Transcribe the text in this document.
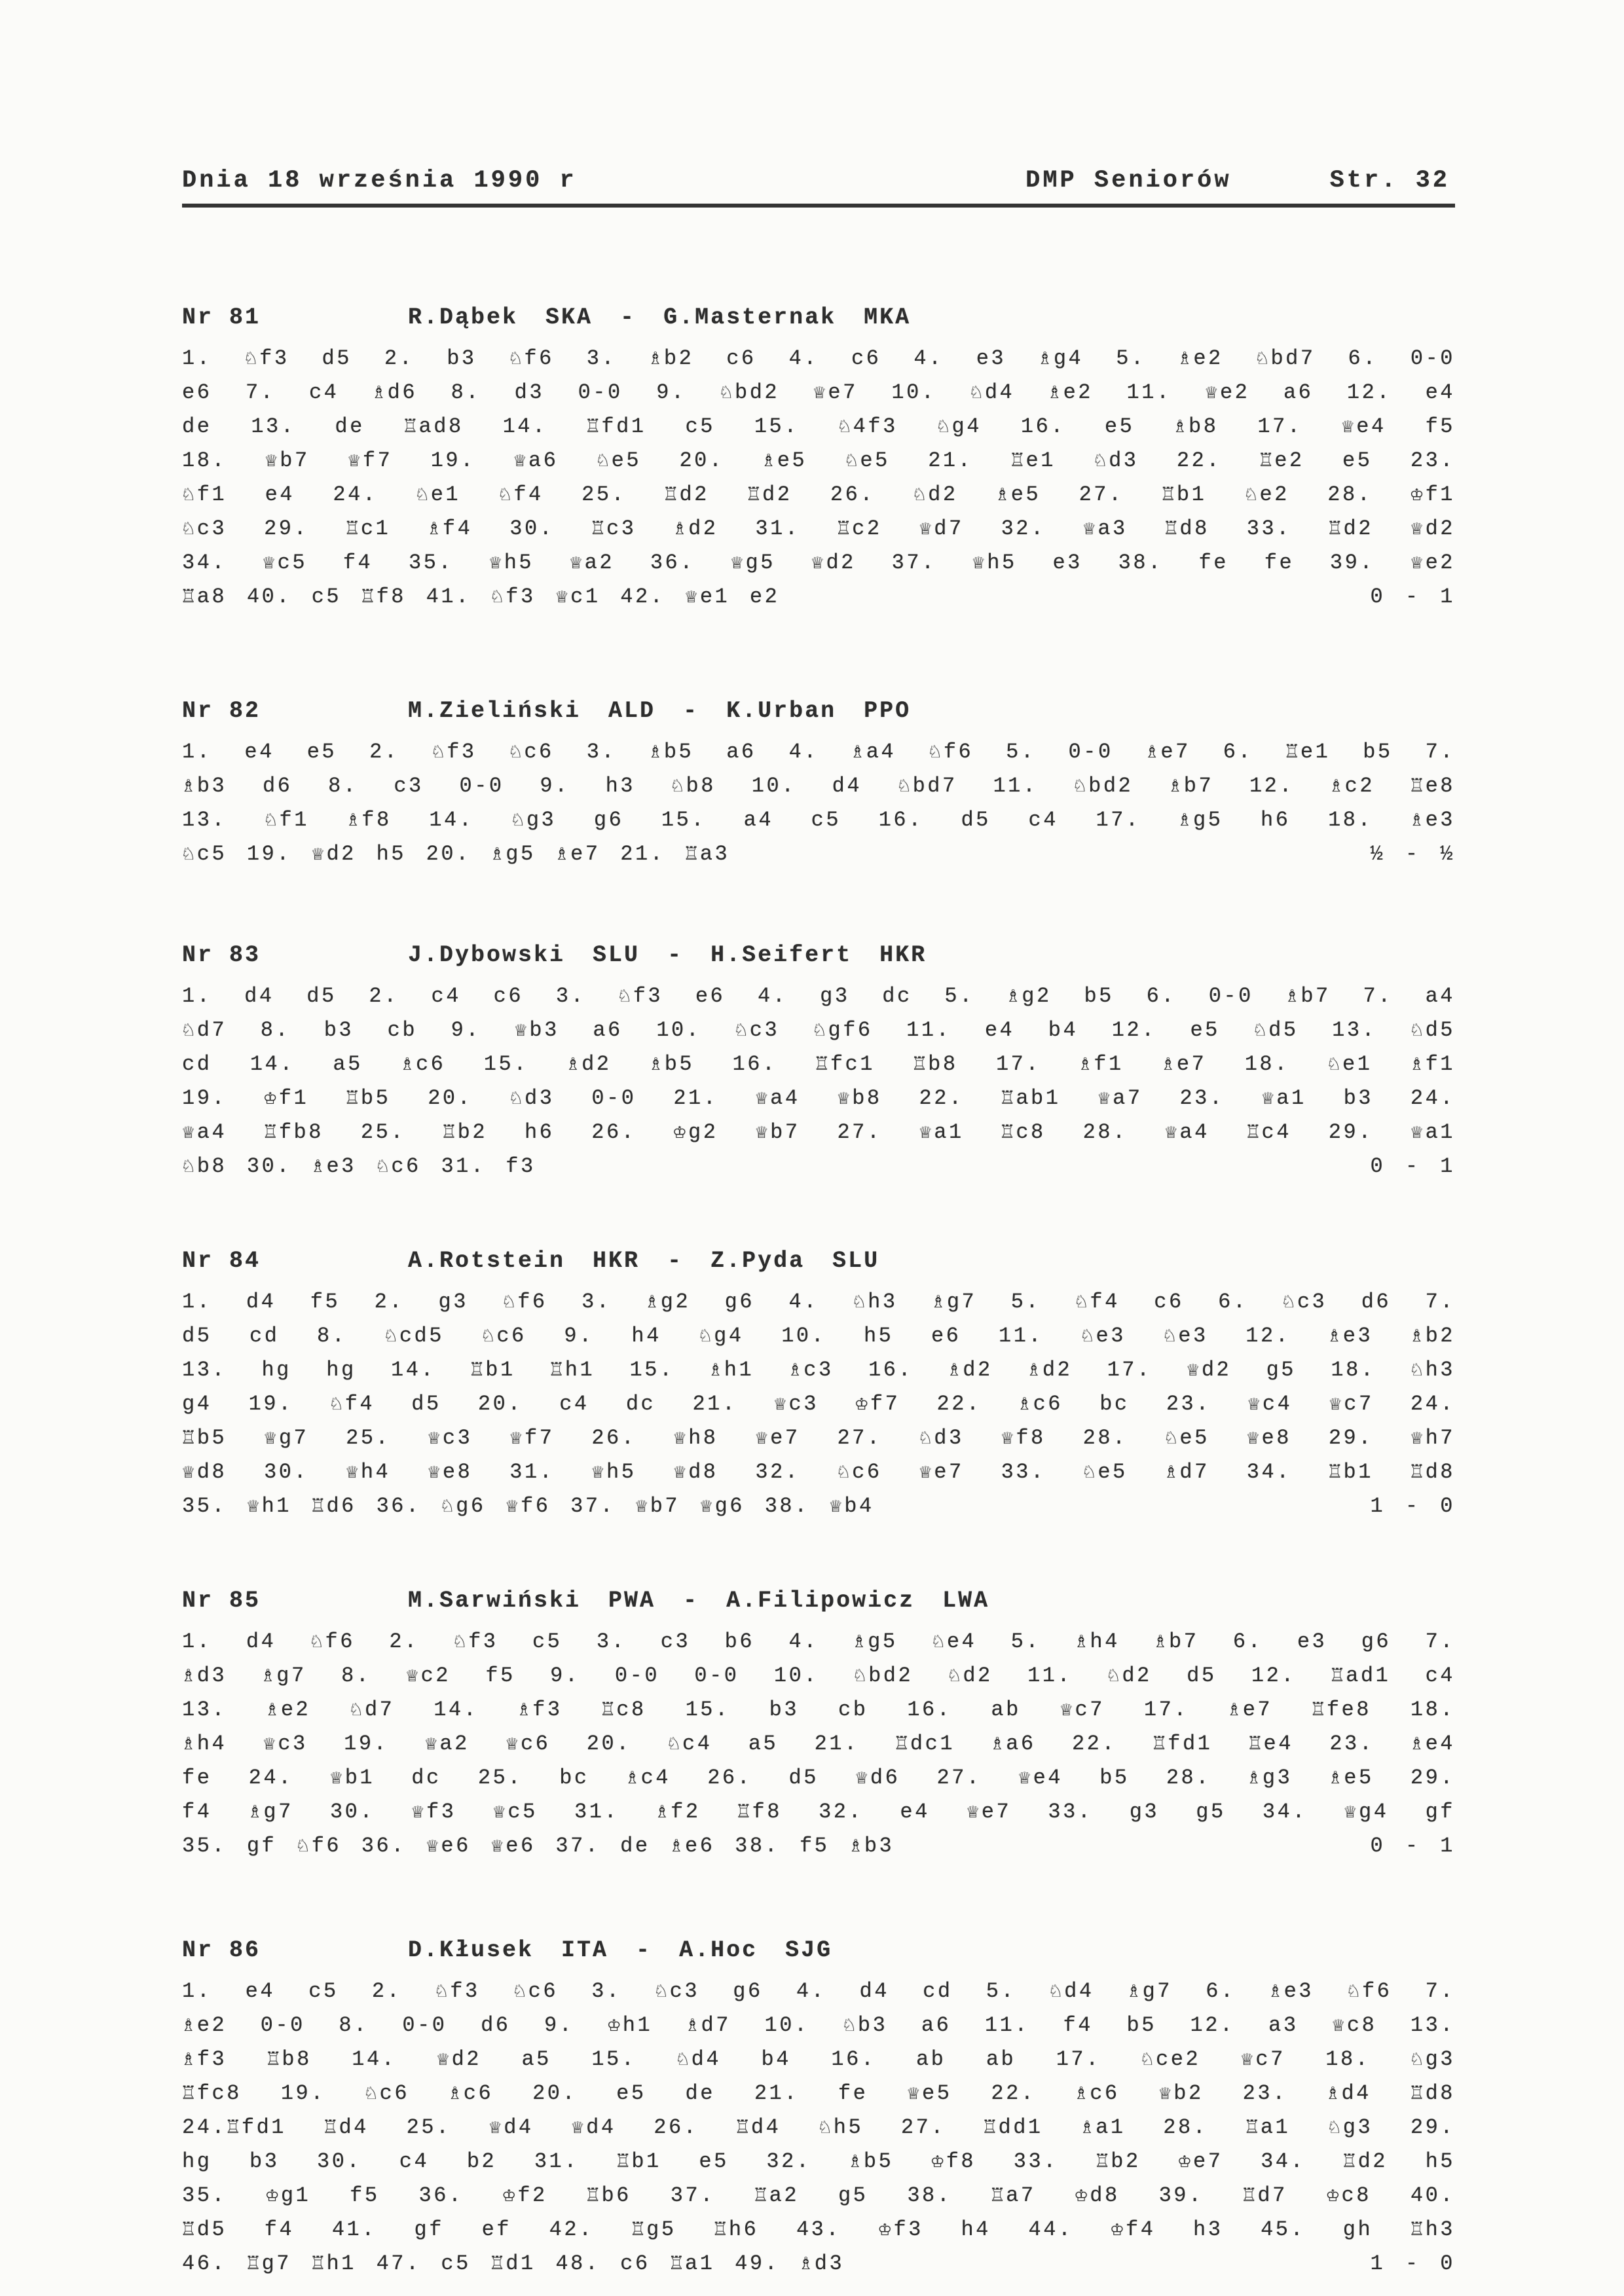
Dnia 18 września 1990 r	DMP Seniorów	Str. 32
Nr 81	R.Dąbek SKA - G.Masternak MKA
1. ♘f3 d5 2. b3 ♘f6 3. ♗b2 c6 4. c6 4. e3 ♗g4 5. ♗e2 ♘bd7 6. 0-0
e6 7. c4 ♗d6 8. d3 0-0 9. ♘bd2 ♕e7 10. ♘d4 ♗e2 11. ♕e2 a6 12. e4
de 13. de ♖ad8 14. ♖fd1 c5 15. ♘4f3 ♘g4 16. e5 ♗b8 17. ♕e4 f5
18. ♕b7 ♕f7 19. ♕a6 ♘e5 20. ♗e5 ♘e5 21. ♖e1 ♘d3 22. ♖e2 e5 23.
♘f1 e4 24. ♘e1 ♘f4 25. ♖d2 ♖d2 26. ♘d2 ♗e5 27. ♖b1 ♘e2 28. ♔f1
♘c3 29. ♖c1 ♗f4 30. ♖c3 ♗d2 31. ♖c2 ♕d7 32. ♕a3 ♖d8 33. ♖d2 ♕d2
34. ♕c5 f4 35. ♕h5 ♕a2 36. ♕g5 ♕d2 37. ♕h5 e3 38. fe fe 39. ♕e2
♖a8 40. c5 ♖f8 41. ♘f3 ♕c1 42. ♕e1 e2	0 - 1
Nr 82	M.Zieliński ALD - K.Urban PPO
1. e4 e5 2. ♘f3 ♘c6 3. ♗b5 a6 4. ♗a4 ♘f6 5. 0-0 ♗e7 6. ♖e1 b5 7.
♗b3 d6 8. c3 0-0 9. h3 ♘b8 10. d4 ♘bd7 11. ♘bd2 ♗b7 12. ♗c2 ♖e8
13. ♘f1 ♗f8 14. ♘g3 g6 15. a4 c5 16. d5 c4 17. ♗g5 h6 18. ♗e3
♘c5 19. ♕d2 h5 20. ♗g5 ♗e7 21. ♖a3	½ - ½
Nr 83	J.Dybowski SLU - H.Seifert HKR
1. d4 d5 2. c4 c6 3. ♘f3 e6 4. g3 dc 5. ♗g2 b5 6. 0-0 ♗b7 7. a4
♘d7 8. b3 cb 9. ♕b3 a6 10. ♘c3 ♘gf6 11. e4 b4 12. e5 ♘d5 13. ♘d5
cd 14. a5 ♗c6 15. ♗d2 ♗b5 16. ♖fc1 ♖b8 17. ♗f1 ♗e7 18. ♘e1 ♗f1
19. ♔f1 ♖b5 20. ♘d3 0-0 21. ♕a4 ♕b8 22. ♖ab1 ♕a7 23. ♕a1 b3 24.
♕a4 ♖fb8 25. ♖b2 h6 26. ♔g2 ♕b7 27. ♕a1 ♖c8 28. ♕a4 ♖c4 29. ♕a1
♘b8 30. ♗e3 ♘c6 31. f3	0 - 1
Nr 84	A.Rotstein HKR - Z.Pyda SLU
1. d4 f5 2. g3 ♘f6 3. ♗g2 g6 4. ♘h3 ♗g7 5. ♘f4 c6 6. ♘c3 d6 7.
d5 cd 8. ♘cd5 ♘c6 9. h4 ♘g4 10. h5 e6 11. ♘e3 ♘e3 12. ♗e3 ♗b2
13. hg hg 14. ♖b1 ♖h1 15. ♗h1 ♗c3 16. ♗d2 ♗d2 17. ♕d2 g5 18. ♘h3
g4 19. ♘f4 d5 20. c4 dc 21. ♕c3 ♔f7 22. ♗c6 bc 23. ♕c4 ♕c7 24.
♖b5 ♕g7 25. ♕c3 ♕f7 26. ♕h8 ♕e7 27. ♘d3 ♕f8 28. ♘e5 ♕e8 29. ♕h7
♕d8 30. ♕h4 ♕e8 31. ♕h5 ♕d8 32. ♘c6 ♕e7 33. ♘e5 ♗d7 34. ♖b1 ♖d8
35. ♕h1 ♖d6 36. ♘g6 ♕f6 37. ♕b7 ♕g6 38. ♕b4	1 - 0
Nr 85	M.Sarwiński PWA - A.Filipowicz LWA
1. d4 ♘f6 2. ♘f3 c5 3. c3 b6 4. ♗g5 ♘e4 5. ♗h4 ♗b7 6. e3 g6 7.
♗d3 ♗g7 8. ♕c2 f5 9. 0-0 0-0 10. ♘bd2 ♘d2 11. ♘d2 d5 12. ♖ad1 c4
13. ♗e2 ♘d7 14. ♗f3 ♖c8 15. b3 cb 16. ab ♕c7 17. ♗e7 ♖fe8 18.
♗h4 ♕c3 19. ♕a2 ♕c6 20. ♘c4 a5 21. ♖dc1 ♗a6 22. ♖fd1 ♖e4 23. ♗e4
fe 24. ♕b1 dc 25. bc ♗c4 26. d5 ♕d6 27. ♕e4 b5 28. ♗g3 ♗e5 29.
f4 ♗g7 30. ♕f3 ♕c5 31. ♗f2 ♖f8 32. e4 ♕e7 33. g3 g5 34. ♕g4 gf
35. gf ♘f6 36. ♕e6 ♕e6 37. de ♗e6 38. f5 ♗b3	0 - 1
Nr 86	D.Kłusek ITA - A.Hoc SJG
1. e4 c5 2. ♘f3 ♘c6 3. ♘c3 g6 4. d4 cd 5. ♘d4 ♗g7 6. ♗e3 ♘f6 7.
♗e2 0-0 8. 0-0 d6 9. ♔h1 ♗d7 10. ♘b3 a6 11. f4 b5 12. a3 ♕c8 13.
♗f3 ♖b8 14. ♕d2 a5 15. ♘d4 b4 16. ab ab 17. ♘ce2 ♕c7 18. ♘g3
♖fc8 19. ♘c6 ♗c6 20. e5 de 21. fe ♕e5 22. ♗c6 ♕b2 23. ♗d4 ♖d8
24.♖fd1 ♖d4 25. ♕d4 ♕d4 26. ♖d4 ♘h5 27. ♖dd1 ♗a1 28. ♖a1 ♘g3 29.
hg b3 30. c4 b2 31. ♖b1 e5 32. ♗b5 ♔f8 33. ♖b2 ♔e7 34. ♖d2 h5
35. ♔g1 f5 36. ♔f2 ♖b6 37. ♖a2 g5 38. ♖a7 ♔d8 39. ♖d7 ♔c8 40.
♖d5 f4 41. gf ef 42. ♖g5 ♖h6 43. ♔f3 h4 44. ♔f4 h3 45. gh ♖h3
46. ♖g7 ♖h1 47. c5 ♖d1 48. c6 ♖a1 49. ♗d3	1 - 0
